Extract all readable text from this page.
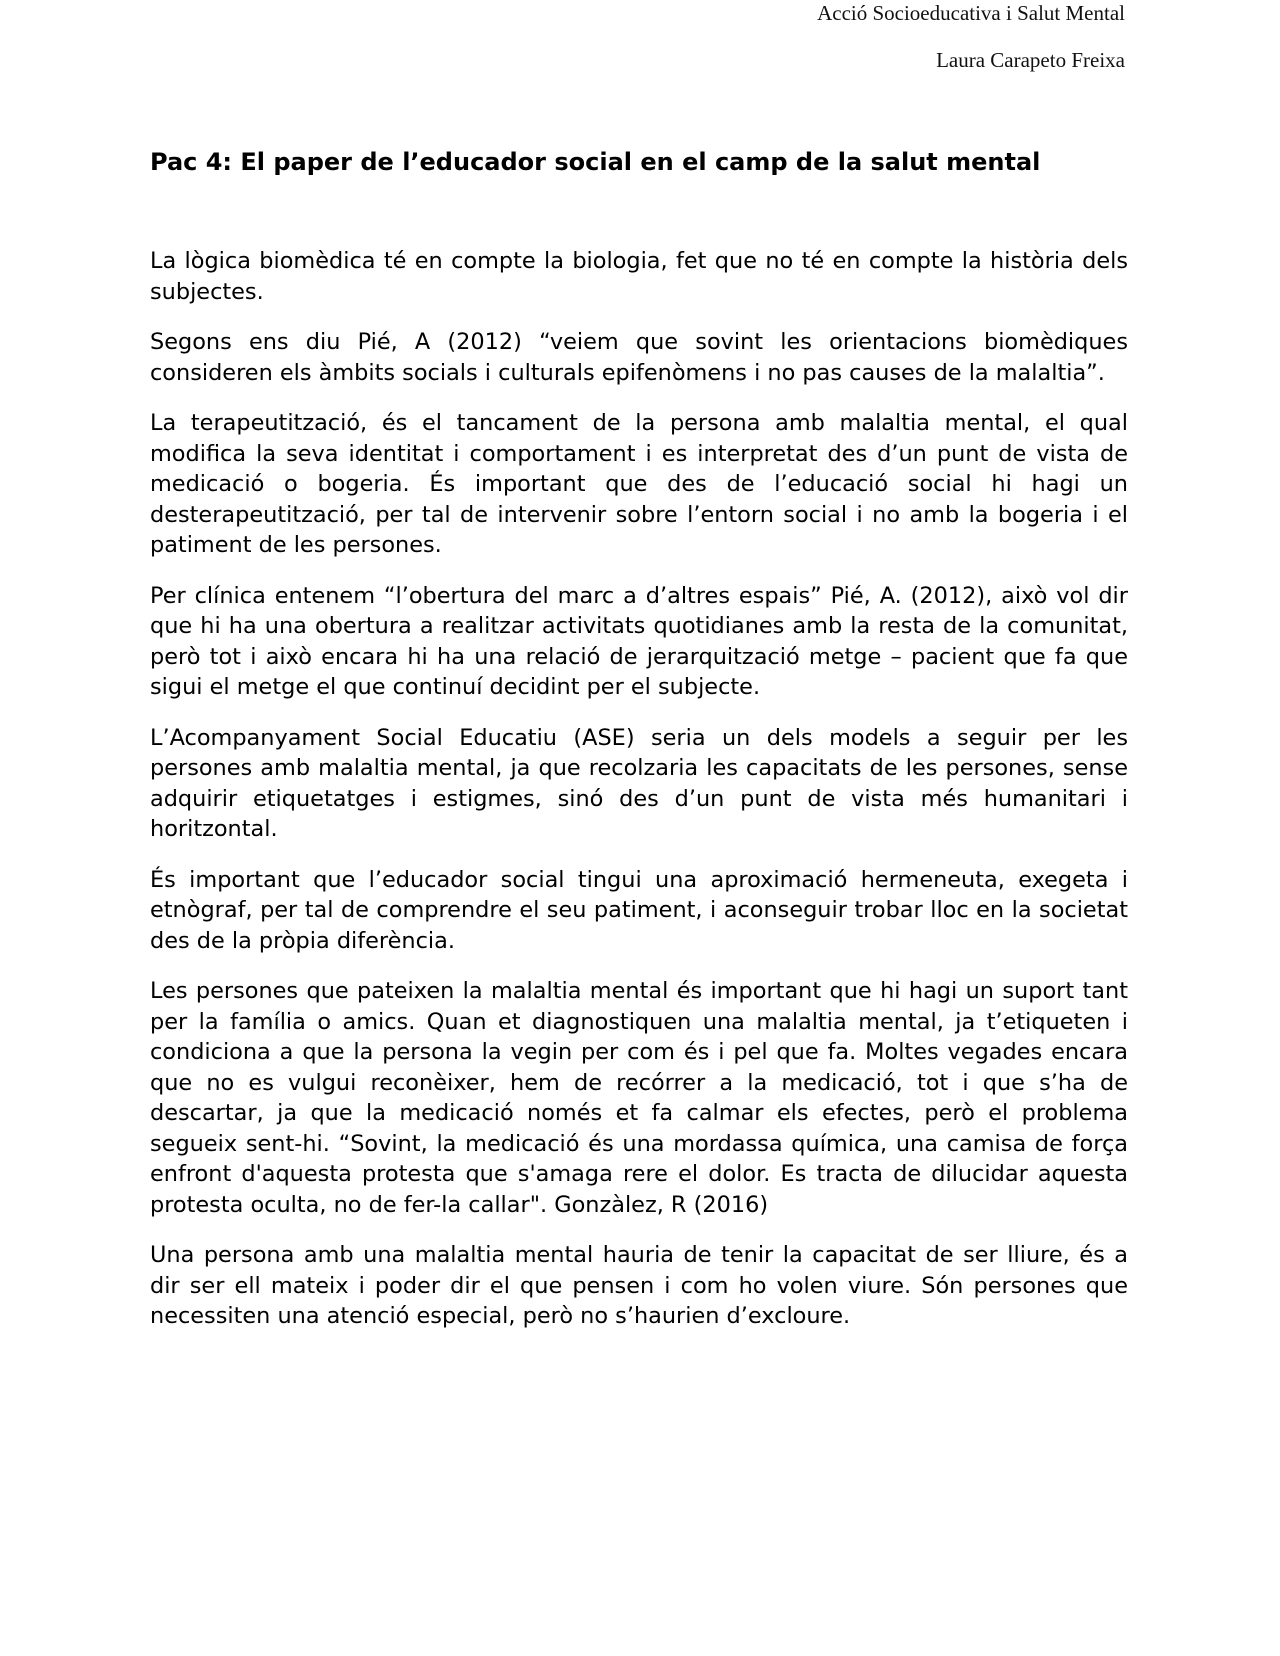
Acció Socioeducativa i Salut Mental
Laura Carapeto Freixa
Pac 4: El paper de l’educador social en el camp de la salut mental

La lògica biomèdica té en compte la biologia, fet que no té en compte la història dels subjectes.

Segons ens diu Pié, A (2012) “veiem que sovint les orientacions biomèdiques consideren els àmbits socials i culturals epifenòmens i no pas causes de la malaltia”.

La terapeutització, és el tancament de la persona amb malaltia mental, el qual modifica la seva identitat i comportament i es interpretat des d’un punt de vista de medicació o bogeria. És important que des de l’educació social hi hagi un desterapeutització, per tal de intervenir sobre l’entorn social i no amb la bogeria i el patiment de les persones.

Per clínica entenem “l’obertura del marc a d’altres espais” Pié, A. (2012), això vol dir que hi ha una obertura a realitzar activitats quotidianes amb la resta de la comunitat, però tot i això encara hi ha una relació de jerarquització metge – pacient que fa que sigui el metge el que continuí decidint per el subjecte.

L’Acompanyament Social Educatiu (ASE) seria un dels models a seguir per les persones amb malaltia mental, ja que recolzaria les capacitats de les persones, sense adquirir etiquetatges i estigmes, sinó des d’un punt de vista més humanitari i horitzontal.

És important que l’educador social tingui una aproximació hermeneuta, exegeta i etnògraf, per tal de comprendre el seu patiment, i aconseguir trobar lloc en la societat des de la pròpia diferència.

Les persones que pateixen la malaltia mental és important que hi hagi un suport tant per la família o amics. Quan et diagnostiquen una malaltia mental, ja t’etiqueten i condiciona a que la persona la vegin per com és i pel que fa. Moltes vegades encara que no es vulgui reconèixer, hem de recórrer a la medicació, tot i que s’ha de descartar, ja que la medicació només et fa calmar els efectes, però el problema segueix sent-hi. “Sovint, la medicació és una mordassa química, una camisa de força enfront d'aquesta protesta que s'amaga rere el dolor. Es tracta de dilucidar aquesta protesta oculta, no de fer-la callar". Gonzàlez, R (2016)

Una persona amb una malaltia mental hauria de tenir la capacitat de ser lliure, és a dir ser ell mateix i poder dir el que pensen i com ho volen viure. Són persones que necessiten una atenció especial, però no s’haurien d’excloure.
